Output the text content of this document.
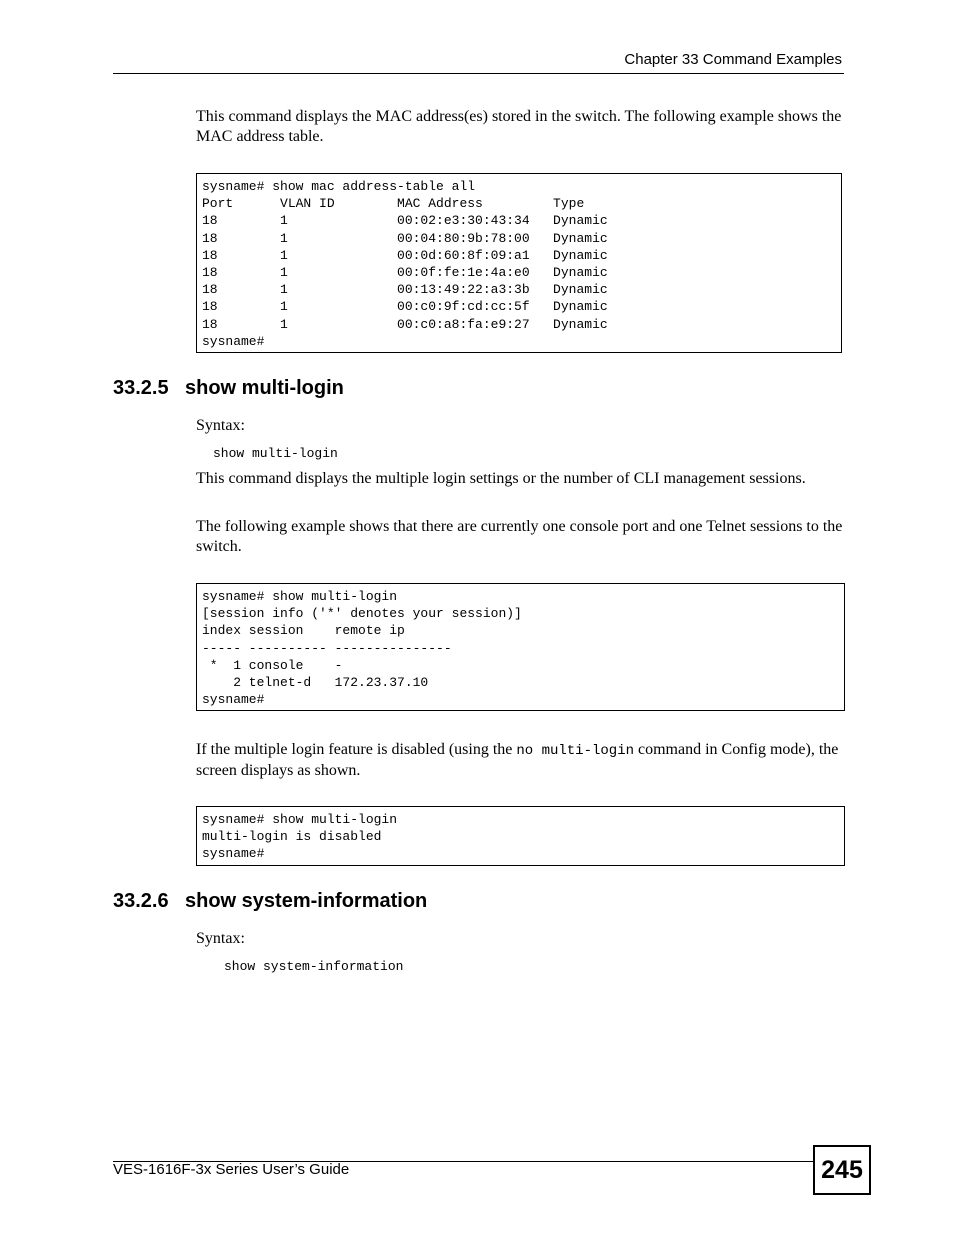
Chapter 33 Command Examples

This command displays the MAC address(es) stored in the switch. The following example shows the MAC address table.

sysname# show mac address-table all
Port      VLAN ID        MAC Address         Type
18        1              00:02:e3:30:43:34   Dynamic
18        1              00:04:80:9b:78:00   Dynamic
18        1              00:0d:60:8f:09:a1   Dynamic
18        1              00:0f:fe:1e:4a:e0   Dynamic
18        1              00:13:49:22:a3:3b   Dynamic
18        1              00:c0:9f:cd:cc:5f   Dynamic
18        1              00:c0:a8:fa:e9:27   Dynamic
sysname#
33.2.5 show multi-login
Syntax:
show multi-login

This command displays the multiple login settings or the number of CLI management sessions.

The following example shows that there are currently one console port and one Telnet sessions to the switch.

sysname# show multi-login
[session info ('*' denotes your session)]
index session    remote ip
----- ---------- ---------------
*  1 console    -
2 telnet-d   172.23.37.10
sysname#

If the multiple login feature is disabled (using the no multi-login command in Config mode), the screen displays as shown.

sysname# show multi-login
multi-login is disabled
sysname#
33.2.6 show system-information
Syntax:
show system-information
VES-1616F-3x Series User’s Guide	245
